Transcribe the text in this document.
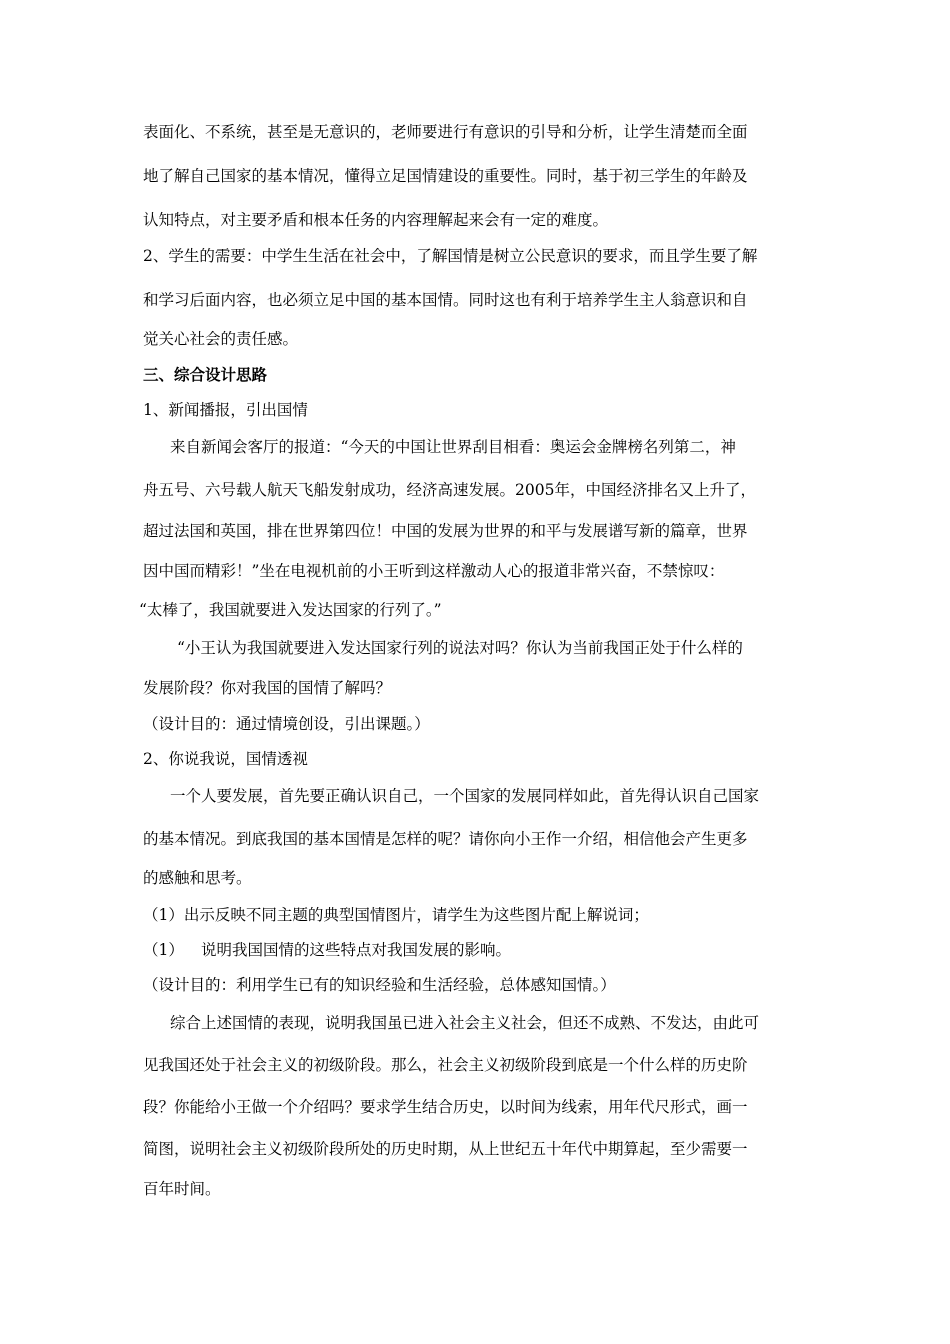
表面化、不系统，甚至是无意识的，老师要进行有意识的引导和分析，让学生清楚而全面
地了解自己国家的基本情况，懂得立足国情建设的重要性。同时，基于初三学生的年龄及
认知特点，对主要矛盾和根本任务的内容理解起来会有一定的难度。
2、学生的需要：中学生生活在社会中，了解国情是树立公民意识的要求，而且学生要了解
和学习后面内容，也必须立足中国的基本国情。同时这也有利于培养学生主人翁意识和自
觉关心社会的责任感。
三、综合设计思路
1、新闻播报，引出国情
来自新闻会客厅的报道：“今天的中国让世界刮目相看：奥运会金牌榜名列第二，神
舟五号、六号载人航天飞船发射成功，经济高速发展。2005年，中国经济排名又上升了，
超过法国和英国，排在世界第四位！中国的发展为世界的和平与发展谱写新的篇章，世界
因中国而精彩！”坐在电视机前的小王听到这样激动人心的报道非常兴奋，不禁惊叹：
“太棒了，我国就要进入发达国家的行列了。”
“小王认为我国就要进入发达国家行列的说法对吗？你认为当前我国正处于什么样的
发展阶段？你对我国的国情了解吗？
（设计目的：通过情境创设，引出课题。）
2、你说我说，国情透视
一个人要发展，首先要正确认识自己，一个国家的发展同样如此，首先得认识自己国家
的基本情况。到底我国的基本国情是怎样的呢？请你向小王作一介绍，相信他会产生更多
的感触和思考。
（1）出示反映不同主题的典型国情图片，请学生为这些图片配上解说词；
（1） 说明我国国情的这些特点对我国发展的影响。
（设计目的：利用学生已有的知识经验和生活经验，总体感知国情。）
综合上述国情的表现，说明我国虽已进入社会主义社会，但还不成熟、不发达，由此可
见我国还处于社会主义的初级阶段。那么，社会主义初级阶段到底是一个什么样的历史阶
段？你能给小王做一个介绍吗？要求学生结合历史，以时间为线索，用年代尺形式，画一
简图，说明社会主义初级阶段所处的历史时期，从上世纪五十年代中期算起，至少需要一
百年时间。
